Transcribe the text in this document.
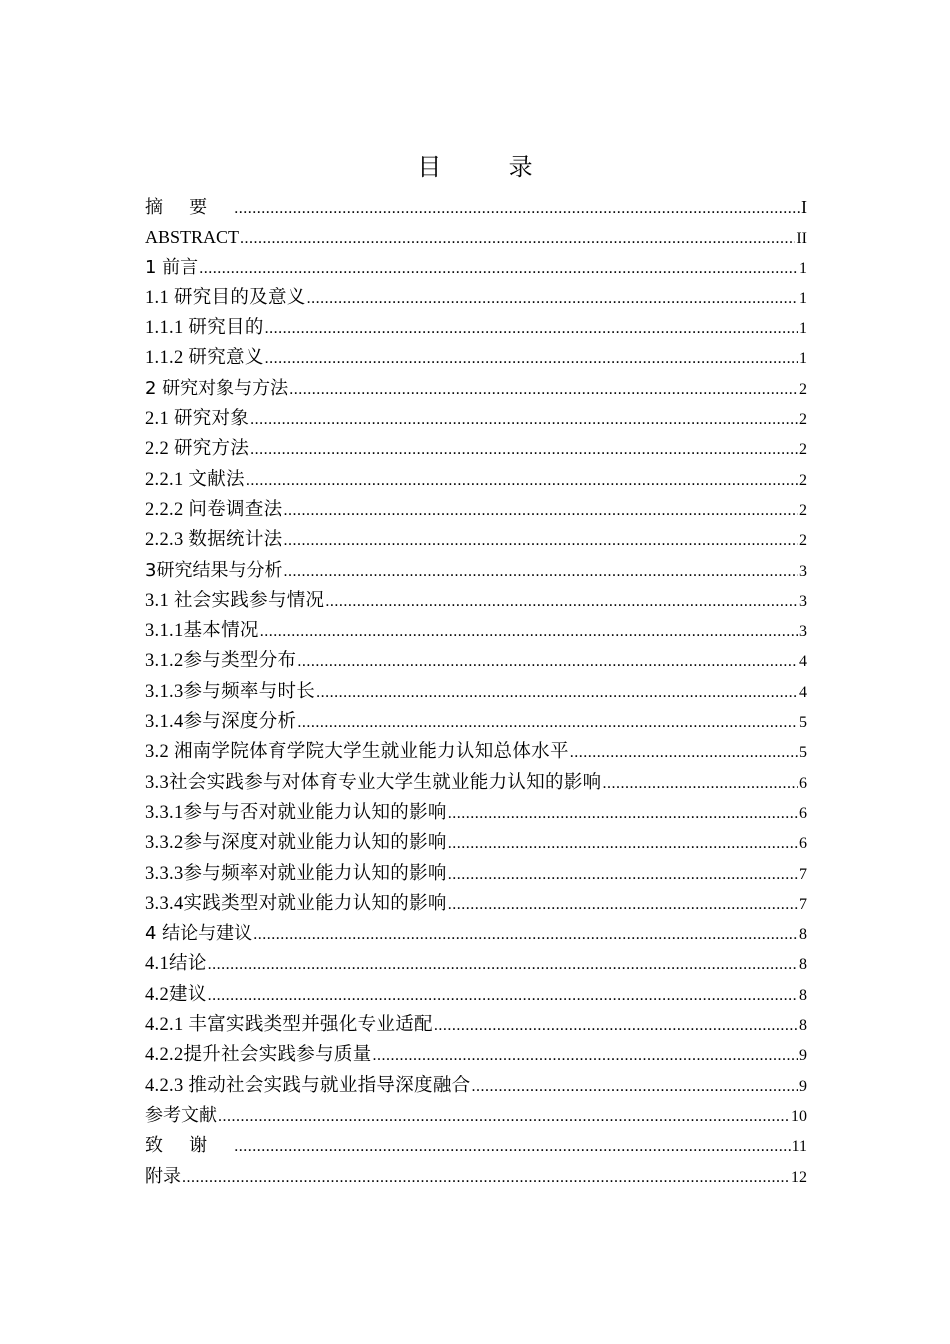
目　录
摘要 .....	I
ABSTRACT .....	II
1 前言 .....	1
1.1 研究目的及意义 .....	1
1.1.1 研究目的 .....	1
1.1.2 研究意义 .....	1
2 研究对象与方法 .....	2
2.1 研究对象 .....	2
2.2 研究方法 .....	2
2.2.1 文献法 .....	2
2.2.2 问卷调查法 .....	2
2.2.3 数据统计法 .....	2
3研究结果与分析 .....	3
3.1 社会实践参与情况 .....	3
3.1.1基本情况 .....	3
3.1.2参与类型分布 .....	4
3.1.3参与频率与时长 .....	4
3.1.4参与深度分析 .....	5
3.2 湘南学院体育学院大学生就业能力认知总体水平 .....	5
3.3社会实践参与对体育专业大学生就业能力认知的影响 .....	6
3.3.1参与与否对就业能力认知的影响 .....	6
3.3.2参与深度对就业能力认知的影响 .....	6
3.3.3参与频率对就业能力认知的影响 .....	7
3.3.4实践类型对就业能力认知的影响 .....	7
4 结论与建议 .....	8
4.1结论 .....	8
4.2建议 .....	8
4.2.1 丰富实践类型并强化专业适配 .....	8
4.2.2提升社会实践参与质量 .....	9
4.2.3 推动社会实践与就业指导深度融合 .....	9
参考文献 .....	10
致谢 .....	11
附录 .....	12
